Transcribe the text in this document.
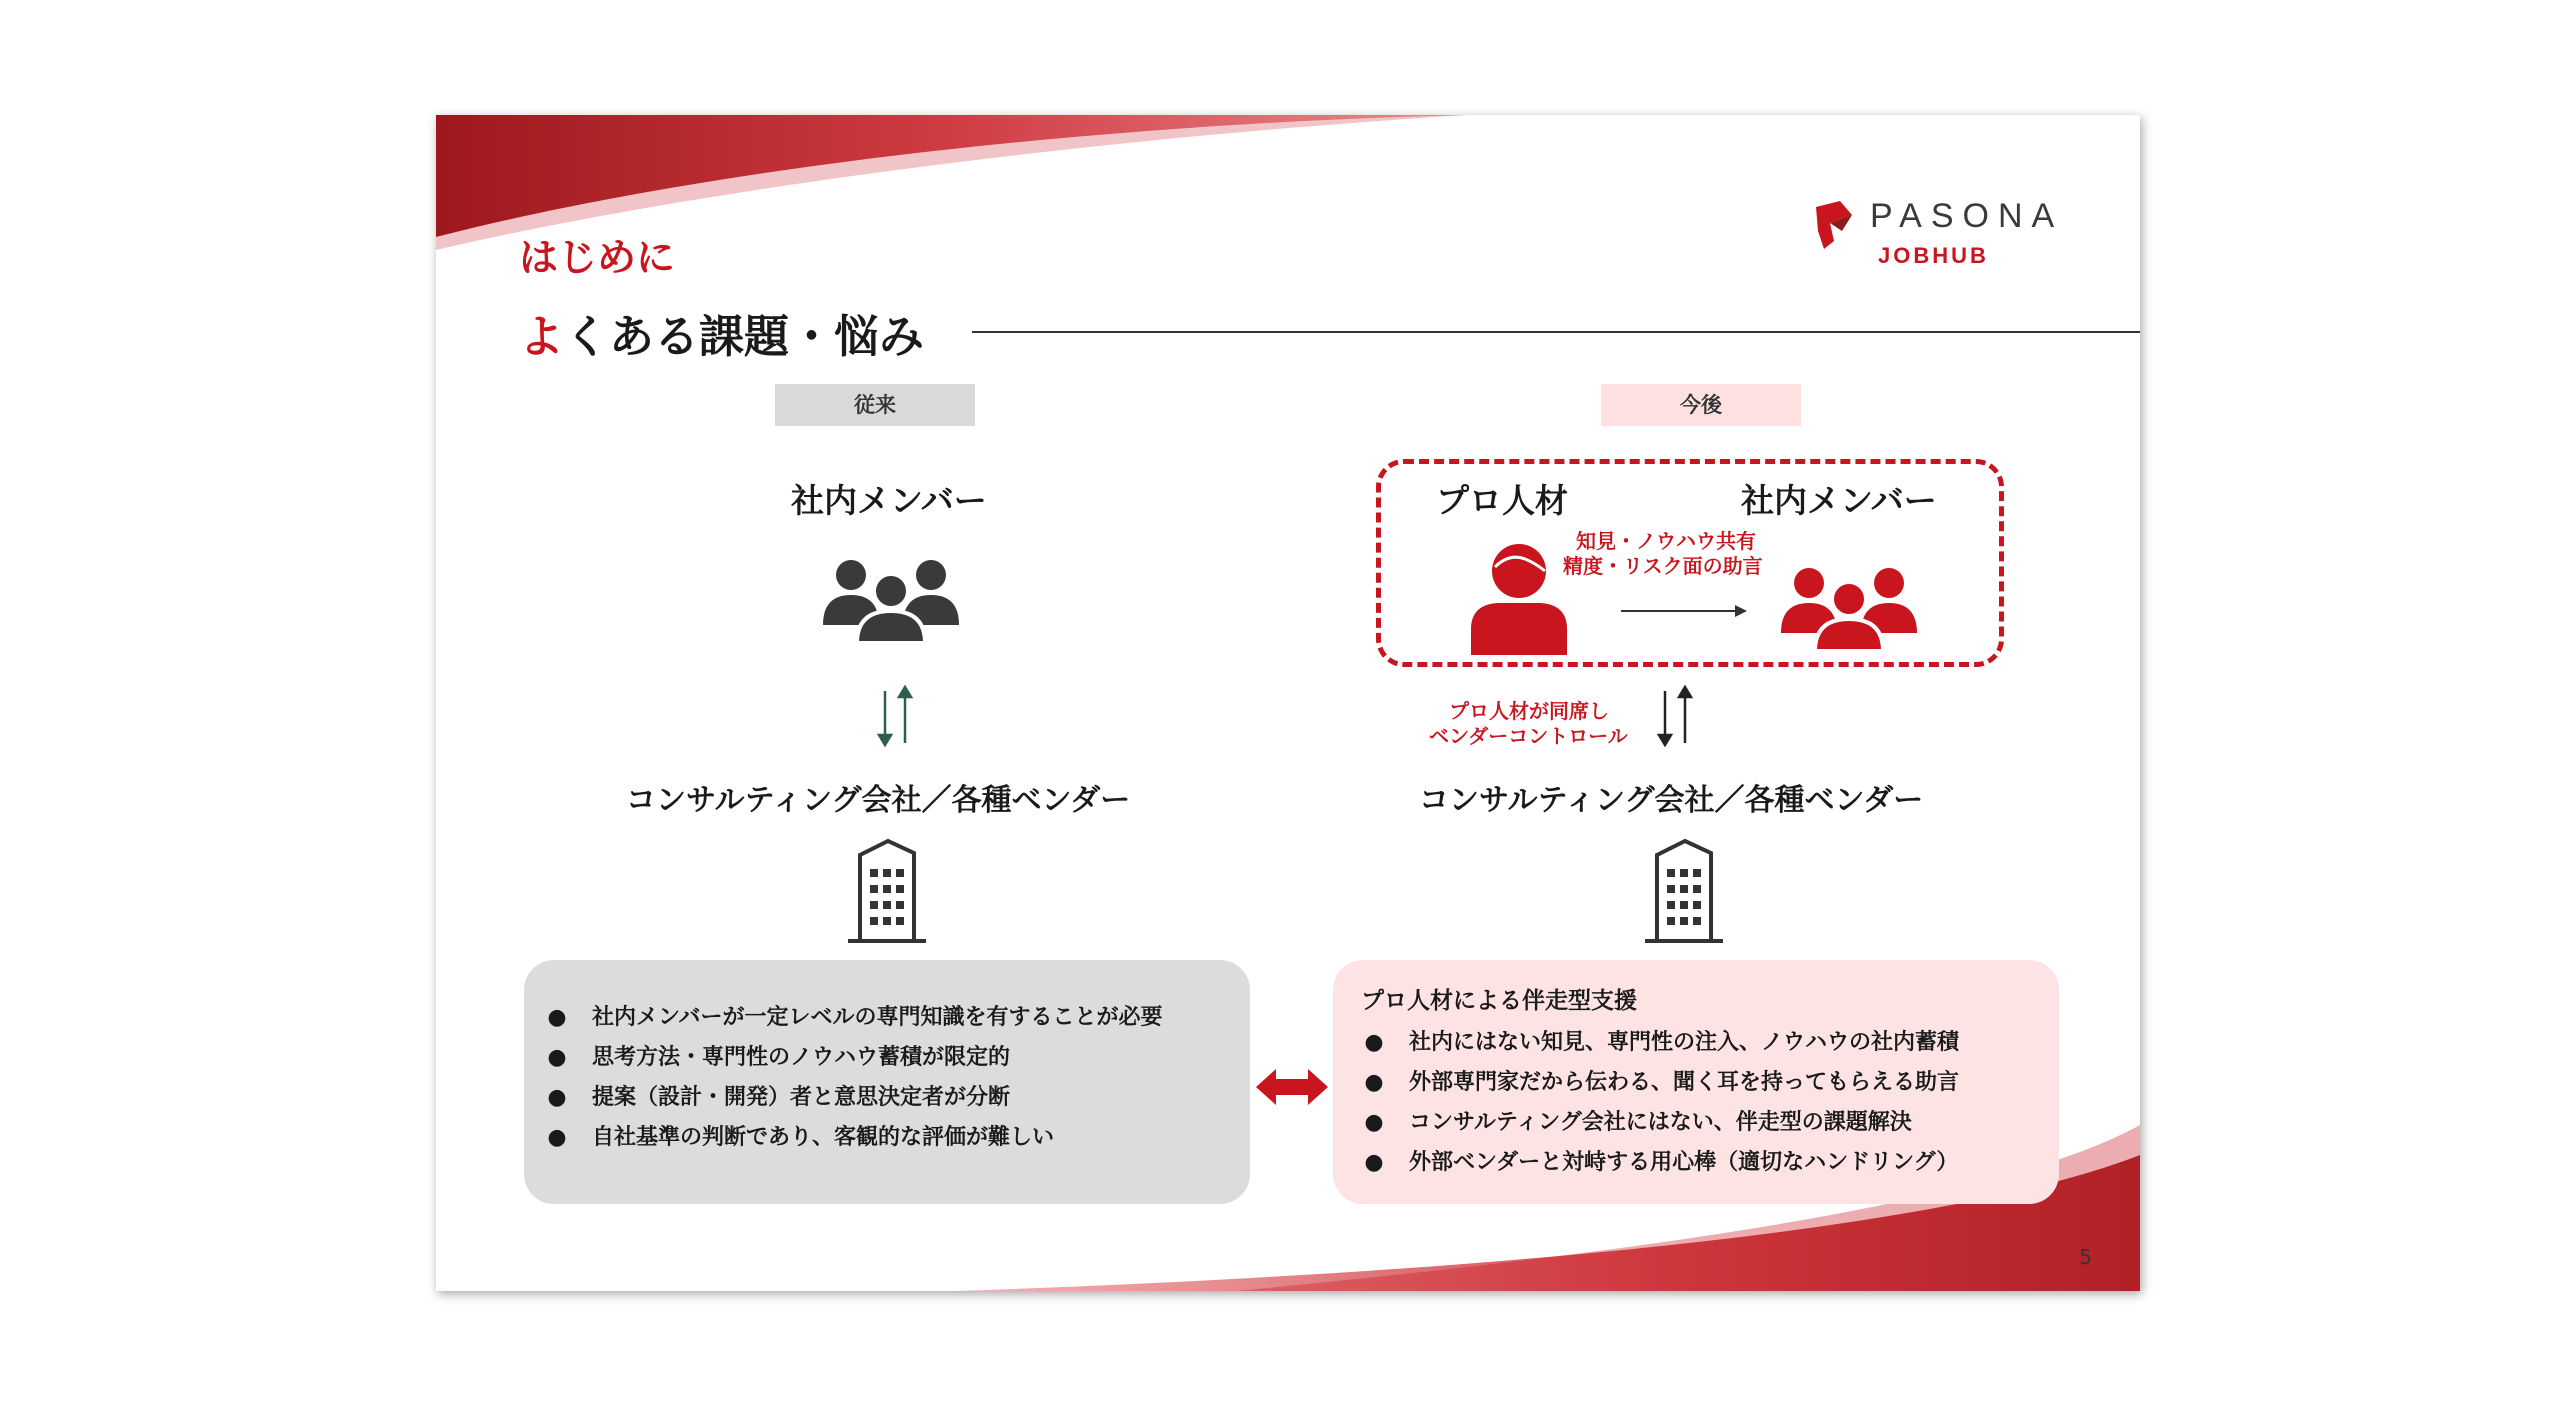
PASONA
JOBHUB
はじめに
よくある課題・悩み
従来	今後
社内メンバー
コンサルティング会社／各種ベンダー
プロ人材	社内メンバー
知見・ノウハウ共有
精度・リスク面の助言
プロ人材が同席し
ベンダーコントロール
コンサルティング会社／各種ベンダー
● 社内メンバーが一定レベルの専門知識を有することが必要
● 思考方法・専門性のノウハウ蓄積が限定的
● 提案（設計・開発）者と意思決定者が分断
● 自社基準の判断であり、客観的な評価が難しい
プロ人材による伴走型支援
● 社内にはない知見、専門性の注入、ノウハウの社内蓄積
● 外部専門家だから伝わる、聞く耳を持ってもらえる助言
● コンサルティング会社にはない、伴走型の課題解決
● 外部ベンダーと対峙する用心棒（適切なハンドリング）
5
